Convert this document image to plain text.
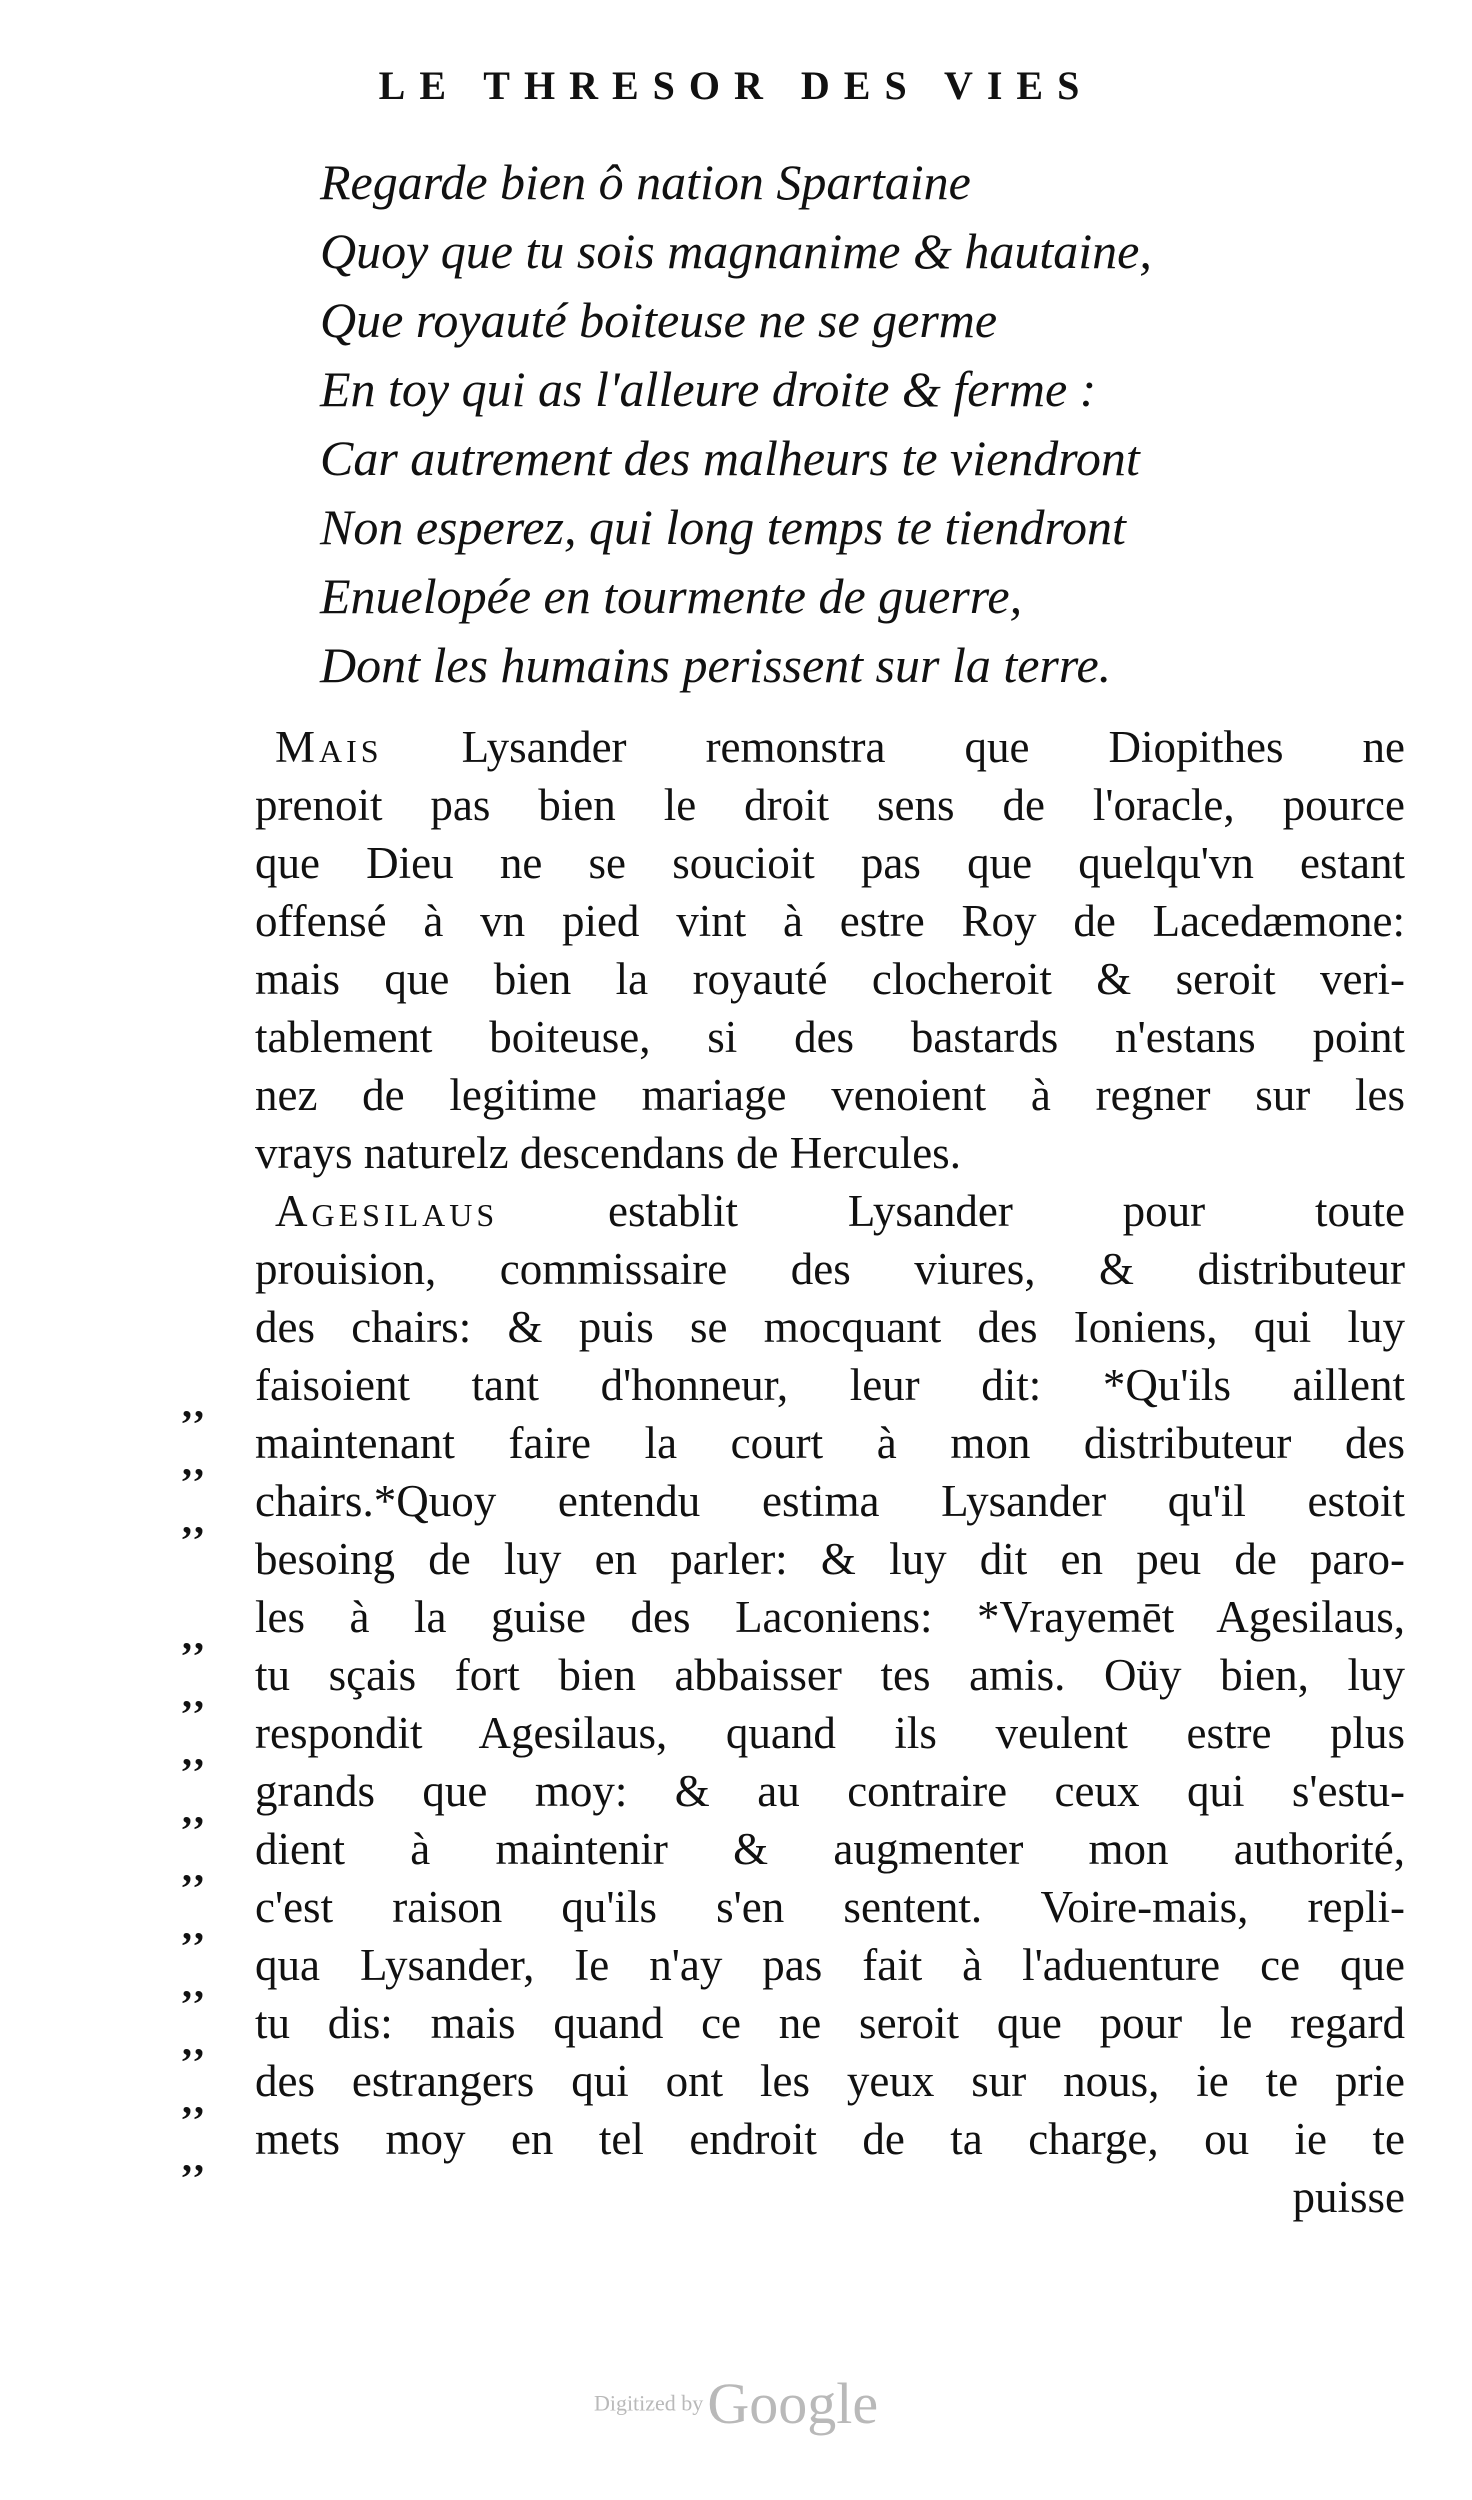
LE THRESOR DES VIES
Regarde bien ô nation Spartaine
Quoy que tu sois magnanime & hautaine,
Que royauté boiteuse ne se germe
En toy qui as l'alleure droite & ferme :
Car autrement des malheurs te viendront
Non esperez, qui long temps te tiendront
Enuelopée en tourmente de guerre,
Dont les humains perissent sur la terre.
Mais Lysander remonstra que Diopithes ne
prenoit pas bien le droit sens de l'oracle, pource
que Dieu ne se soucioit pas que quelqu'vn estant
offensé à vn pied vint à estre Roy de Lacedæmone:
mais que bien la royauté clocheroit & seroit veri-
tablement boiteuse, si des bastards n'estans point
nez de legitime mariage venoient à regner sur les
vrays naturelz descendans de Hercules.
Agesilaus establit Lysander pour toute
prouision, commissaire des viures, & distributeur
des chairs: & puis se mocquant des Ioniens, qui luy
faisoient tant d'honneur, leur dit: *Qu'ils aillent
maintenant faire la court à mon distributeur des
chairs.*Quoy entendu estima Lysander qu'il estoit
besoing de luy en parler: & luy dit en peu de paro-
les à la guise des Laconiens: *Vrayemēt Agesilaus,
tu sçais fort bien abbaisser tes amis. Oüy bien, luy
respondit Agesilaus, quand ils veulent estre plus
grands que moy: & au contraire ceux qui s'estu-
dient à maintenir & augmenter mon authorité,
c'est raison qu'ils s'en sentent. Voire-mais, repli-
qua Lysander, Ie n'ay pas fait à l'aduenture ce que
tu dis: mais quand ce ne seroit que pour le regard
des estrangers qui ont les yeux sur nous, ie te prie
mets moy en tel endroit de ta charge, ou ie te
puisse
,,
,,
,,
,,
,,
,,
,,
,,
,,
,,
,,
,,
,,
Digitized by Google
